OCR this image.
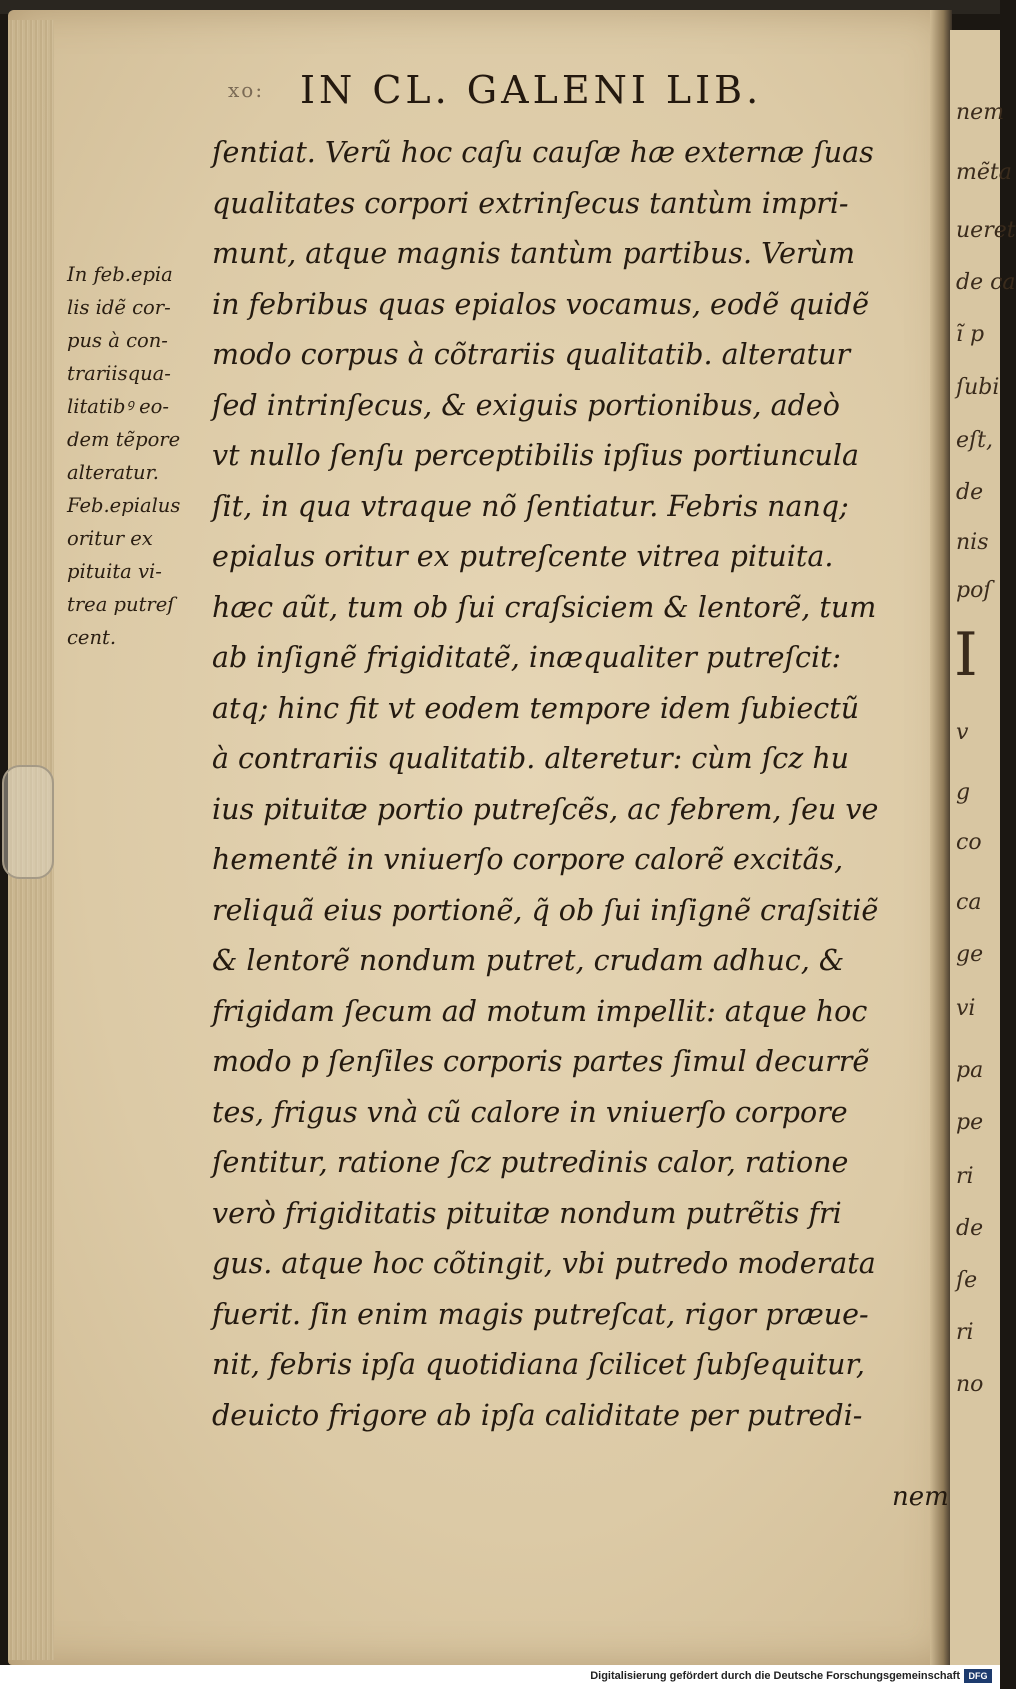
nem
mẽta
ueret
de ca
ĩ p
ſubi
eſt,
de
nis
poſ
I
v
g
co
ca
ge
vi
pa
pe
ri
de
ſe
ri
no
xo: IN CL. GALENI LIB.
In feb.epia
lis idẽ cor-
pus à con-
trariisqua-
litatibꝰ eo-
dem tẽpore
alteratur.
Feb.epialus
oritur ex
pituita vi-
trea putreſ
cent.
ſentiat. Verũ hoc caſu cauſæ hæ externæ ſuas
qualitates corpori extrinſecus tantùm impri-
munt, atque magnis tantùm partibus. Verùm
in febribus quas epialos vocamus, eodẽ quidẽ
modo corpus à cõtrariis qualitatib. alteratur
ſed intrinſecus, & exiguis portionibus, adeò
vt nullo ſenſu perceptibilis ipſius portiuncula
ſit, in qua vtraque nõ ſentiatur. Febris nanq;
epialus oritur ex putreſcente vitrea pituita.
hæc aũt, tum ob ſui craſsiciem & lentorẽ, tum
ab inſignẽ frigiditatẽ, inæqualiter putreſcit:
atq; hinc fit vt eodem tempore idem ſubiectũ
à contrariis qualitatib. alteretur: cùm ſcz hu
ius pituitæ portio putreſcẽs, ac febrem, ſeu ve
hementẽ in vniuerſo corpore calorẽ excitãs,
reliquã eius portionẽ, q̃ ob ſui inſignẽ craſsitiẽ
& lentorẽ nondum putret, crudam adhuc, &
frigidam ſecum ad motum impellit: atque hoc
modo p ſenſiles corporis partes ſimul decurrẽ
tes, frigus vnà cũ calore in vniuerſo corpore
ſentitur, ratione ſcz putredinis calor, ratione
verò frigiditatis pituitæ nondum putrẽtis fri
gus. atque hoc cõtingit, vbi putredo moderata
fuerit. ſin enim magis putreſcat, rigor præue-
nit, febris ipſa quotidiana ſcilicet ſubſequitur,
deuicto frigore ab ipſa caliditate per putredi-
nem
Digitalisierung gefördert durch die Deutsche Forschungsgemeinschaft DFG
